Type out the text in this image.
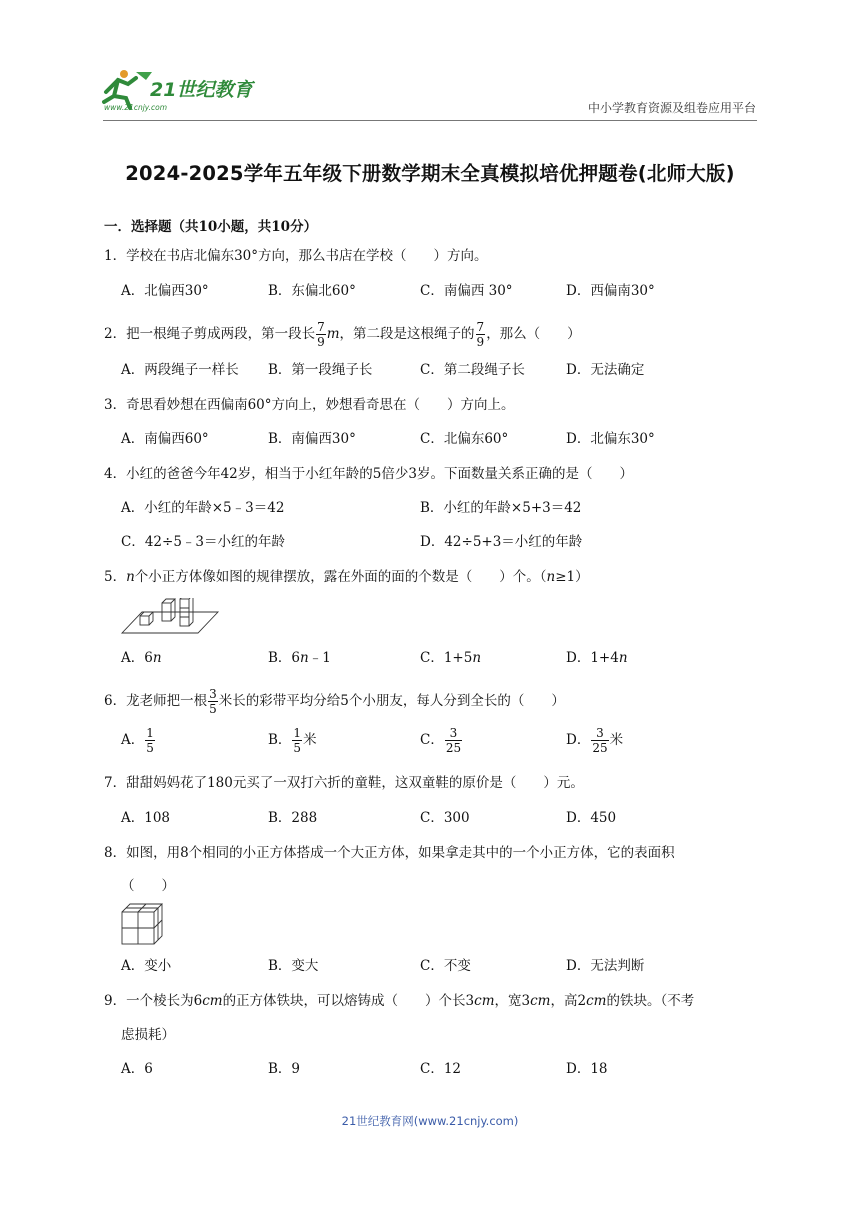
21世纪教育
www.21cnjy.com	中小学教育资源及组卷应用平台
2024-2025学年五年级下册数学期末全真模拟培优押题卷(北师大版)
一．选择题（共10小题，共10分）
1．学校在书店北偏东30°方向，那么书店在学校（　　）方向。
A．北偏西30°	B．东偏北60°	C．南偏西 30°	D．西偏南30°
2．把一根绳子剪成两段，第一段长 $\frac{7}{9}$ m，第二段是这根绳子的 $\frac{7}{9}$ ，那么（　　）
A．两段绳子一样长 B．第一段绳子长	C．第二段绳子长	D．无法确定
3．奇思看妙想在西偏南60°方向上，妙想看奇思在（　　）方向上。
A．南偏西60°	B．南偏西30°	C．北偏东60°	D．北偏东30°
4．小红的爸爸今年42岁，相当于小红年龄的5倍少3岁。下面数量关系正确的是（　　）
A．小红的年龄×5﹣3＝42	B．小红的年龄×5+3＝42
C．42÷5﹣3＝小红的年龄	D．42÷5+3＝小红的年龄
5．n个小正方体像如图的规律摆放，露在外面的面的个数是（　　）个。（n≥1）
A．6n	B．6n﹣1	C．1+5n	D．1+4n
6．龙老师把一根 $\frac{3}{5}$ 米长的彩带平均分给5个小朋友，每人分到全长的（　　）
A． $\frac{1}{5}$	B． $\frac{1}{5}$ 米	C． $\frac{3}{25}$	D． $\frac{3}{25}$ 米
7．甜甜妈妈花了180元买了一双打六折的童鞋，这双童鞋的原价是（　　）元。
A．108	B．288	C．300	D．450
8．如图，用8个相同的小正方体搭成一个大正方体，如果拿走其中的一个小正方体，它的表面积
（　　）
A．变小	B．变大	C．不变	D．无法判断
9．一个棱长为6cm的正方体铁块，可以熔铸成（　　）个长3cm，宽3cm，高2cm的铁块。（不考
虑损耗）
A．6	B．9	C．12	D．18
21世纪教育网(www.21cnjy.com)
